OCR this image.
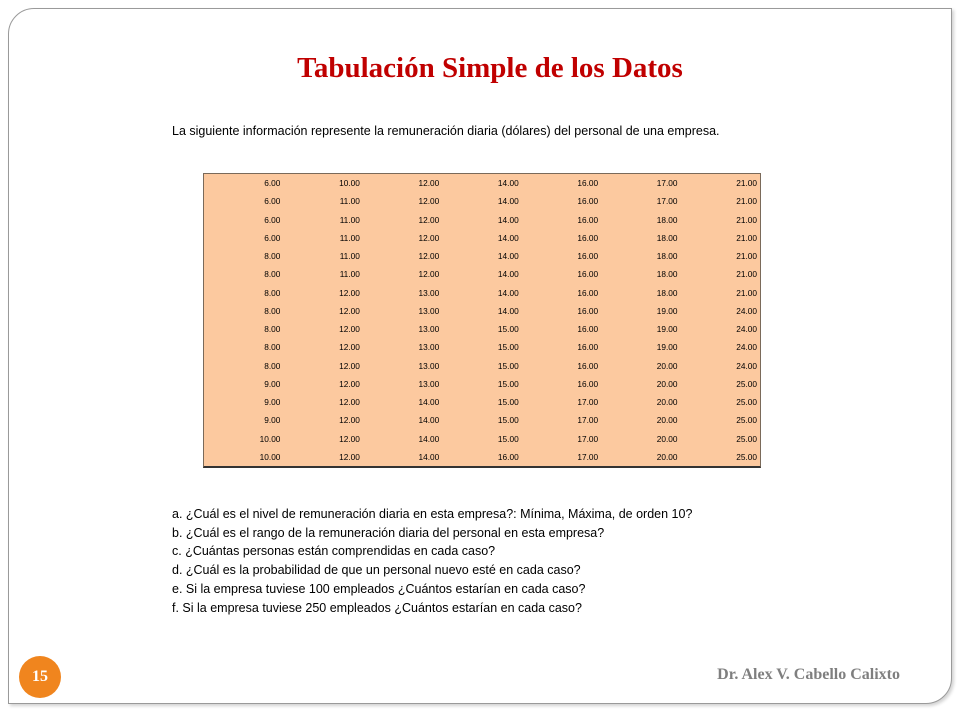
Tabulación Simple de los Datos
La siguiente información represente la remuneración diaria (dólares) del personal de una empresa.
6.00	10.00	12.00	14.00	16.00	17.00	21.00
6.00	11.00	12.00	14.00	16.00	17.00	21.00
6.00	11.00	12.00	14.00	16.00	18.00	21.00
6.00	11.00	12.00	14.00	16.00	18.00	21.00
8.00	11.00	12.00	14.00	16.00	18.00	21.00
8.00	11.00	12.00	14.00	16.00	18.00	21.00
8.00	12.00	13.00	14.00	16.00	18.00	21.00
8.00	12.00	13.00	14.00	16.00	19.00	24.00
8.00	12.00	13.00	15.00	16.00	19.00	24.00
8.00	12.00	13.00	15.00	16.00	19.00	24.00
8.00	12.00	13.00	15.00	16.00	20.00	24.00
9.00	12.00	13.00	15.00	16.00	20.00	25.00
9.00	12.00	14.00	15.00	17.00	20.00	25.00
9.00	12.00	14.00	15.00	17.00	20.00	25.00
10.00	12.00	14.00	15.00	17.00	20.00	25.00
10.00	12.00	14.00	16.00	17.00	20.00	25.00
a. ¿Cuál es el nivel de remuneración diaria en esta empresa?: Mínima, Máxima, de orden 10?
b. ¿Cuál es el rango de la remuneración diaria del personal en esta empresa?
c. ¿Cuántas personas están comprendidas en cada caso?
d. ¿Cuál es la probabilidad de que un personal nuevo esté en cada caso?
e. Si la empresa tuviese 100 empleados ¿Cuántos estarían en cada caso?
f. Si la empresa tuviese 250 empleados ¿Cuántos estarían en cada caso?
15	Dr. Alex V. Cabello Calixto
